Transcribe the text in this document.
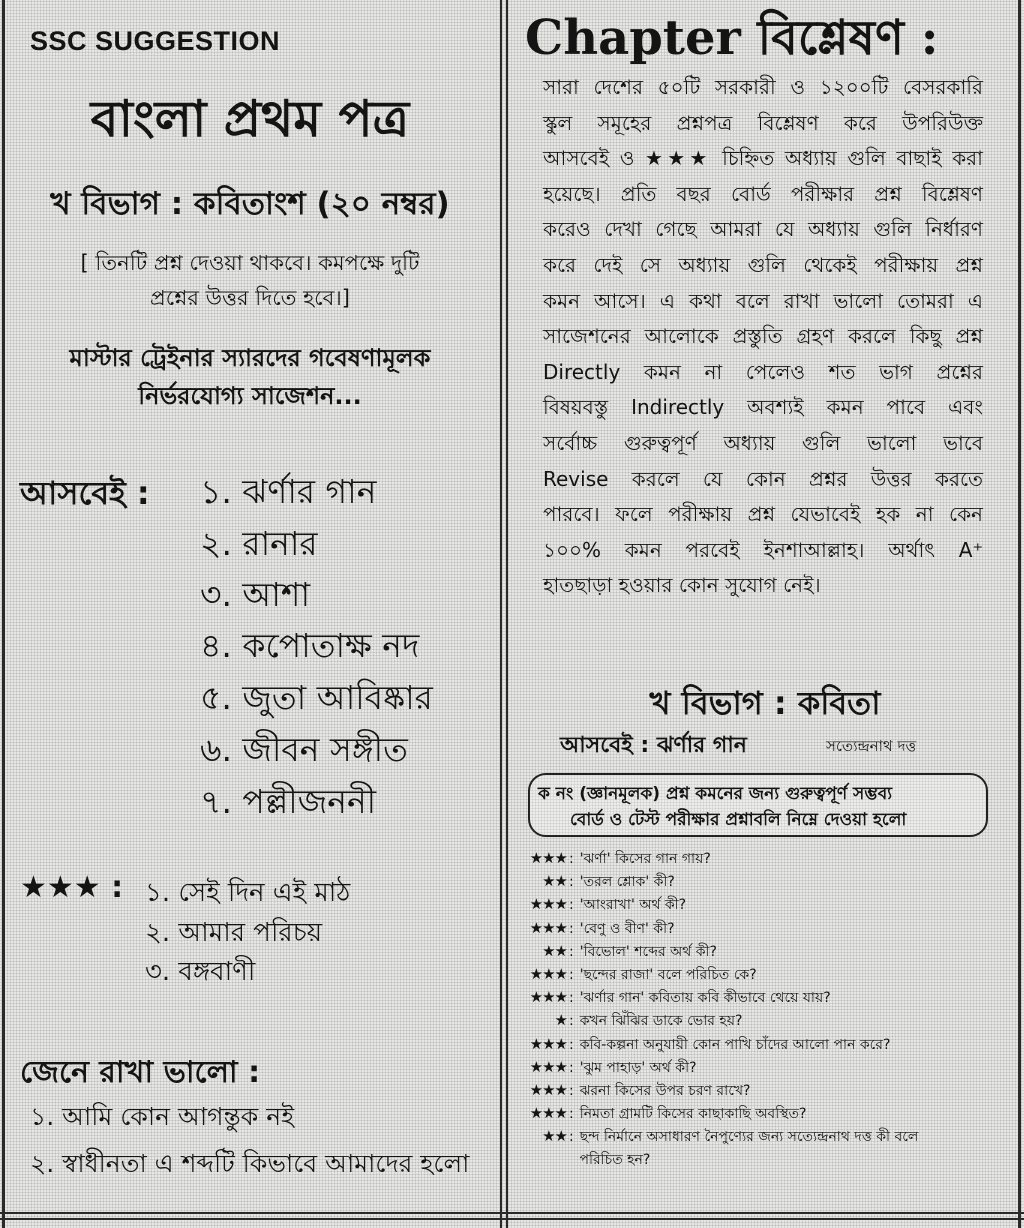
SSC SUGGESTION
বাংলা প্রথম পত্র
খ বিভাগ : কবিতাংশ (২০ নম্বর)
[ তিনটি প্রশ্ন দেওয়া থাকবে। কমপক্ষে দুটি
প্রশ্নের উত্তর দিতে হবে।]
মাস্টার ট্রেইনার স্যারদের গবেষণামূলক
নির্ভরযোগ্য সাজেশন...
আসবেই : ১. ঝর্ণার গান
২. রানার
৩. আশা
৪. কপোতাক্ষ নদ
৫. জুতা আবিষ্কার
৬. জীবন সঙ্গীত
৭. পল্লীজননী
★★★ : ১. সেই দিন এই মাঠ
২. আমার পরিচয়
৩. বঙ্গবাণী
জেনে রাখা ভালো :
১. আমি কোন আগন্তুক নই
২. স্বাধীনতা এ শব্দটি কিভাবে আমাদের হলো
Chapter বিশ্লেষণ :
সারা দেশের ৫০টি সরকারী ও ১২০০টি বেসরকারি
স্কুল সমূহের প্রশ্নপত্র বিশ্লেষণ করে উপরিউক্ত
আসবেই ও ★★★ চিহ্নিত অধ্যায় গুলি বাছাই করা
হয়েছে। প্রতি বছর বোর্ড পরীক্ষার প্রশ্ন বিশ্লেষণ
করেও দেখা গেছে আমরা যে অধ্যায় গুলি নির্ধারণ
করে দেই সে অধ্যায় গুলি থেকেই পরীক্ষায় প্রশ্ন
কমন আসে। এ কথা বলে রাখা ভালো তোমরা এ
সাজেশনের আলোকে প্রস্তুতি গ্রহণ করলে কিছু প্রশ্ন
Directly কমন না পেলেও শত ভাগ প্রশ্নের
বিষয়বস্তু Indirectly অবশ্যই কমন পাবে এবং
সর্বোচ্চ গুরুত্বপূর্ণ অধ্যায় গুলি ভালো ভাবে
Revise করলে যে কোন প্রশ্নর উত্তর করতে
পারবে। ফলে পরীক্ষায় প্রশ্ন যেভাবেই হক না কেন
১০০% কমন পরবেই ইনশাআল্লাহ। অর্থাৎ A⁺
হাতছাড়া হওয়ার কোন সুযোগ নেই।
খ বিভাগ : কবিতা
আসবেই : ঝর্ণার গান	সত্যেন্দ্রনাথ দত্ত
ক নং (জ্ঞানমূলক) প্রশ্ন কমনের জন্য গুরুত্বপূর্ণ সম্ভব্য
বোর্ড ও টেস্ট পরীক্ষার প্রশ্নাবলি নিম্নে দেওয়া হলো
★★★ : 'ঝর্ণা' কিসের গান গায়?
★★ : 'তরল শ্লোক' কী?
★★★ : 'আংরাখা' অর্থ কী?
★★★ : 'বেণু ও বীণ' কী?
★★ : 'বিভোল' শব্দের অর্থ কী?
★★★ : 'ছন্দের রাজা' বলে পরিচিত কে?
★★★ : 'ঝর্ণার গান' কবিতায় কবি কীভাবে থেয়ে যায়?
★ : কখন ঝিঁঝির ডাকে ভোর হয়?
★★★ : কবি-কল্পনা অনুযায়ী কোন পাখি চাঁদের আলো পান করে?
★★★ : 'ঝুম পাহাড়' অর্থ কী?
★★★ : ঝরনা কিসের উপর চরণ রাখে?
★★★ : নিমতা গ্রামটি কিসের কাছাকাছি অবস্থিত?
★★ : ছন্দ নির্মানে অসাধারণ নৈপুণ্যের জন্য সত্যেন্দ্রনাথ দত্ত কী বলে
পরিচিত হন?
